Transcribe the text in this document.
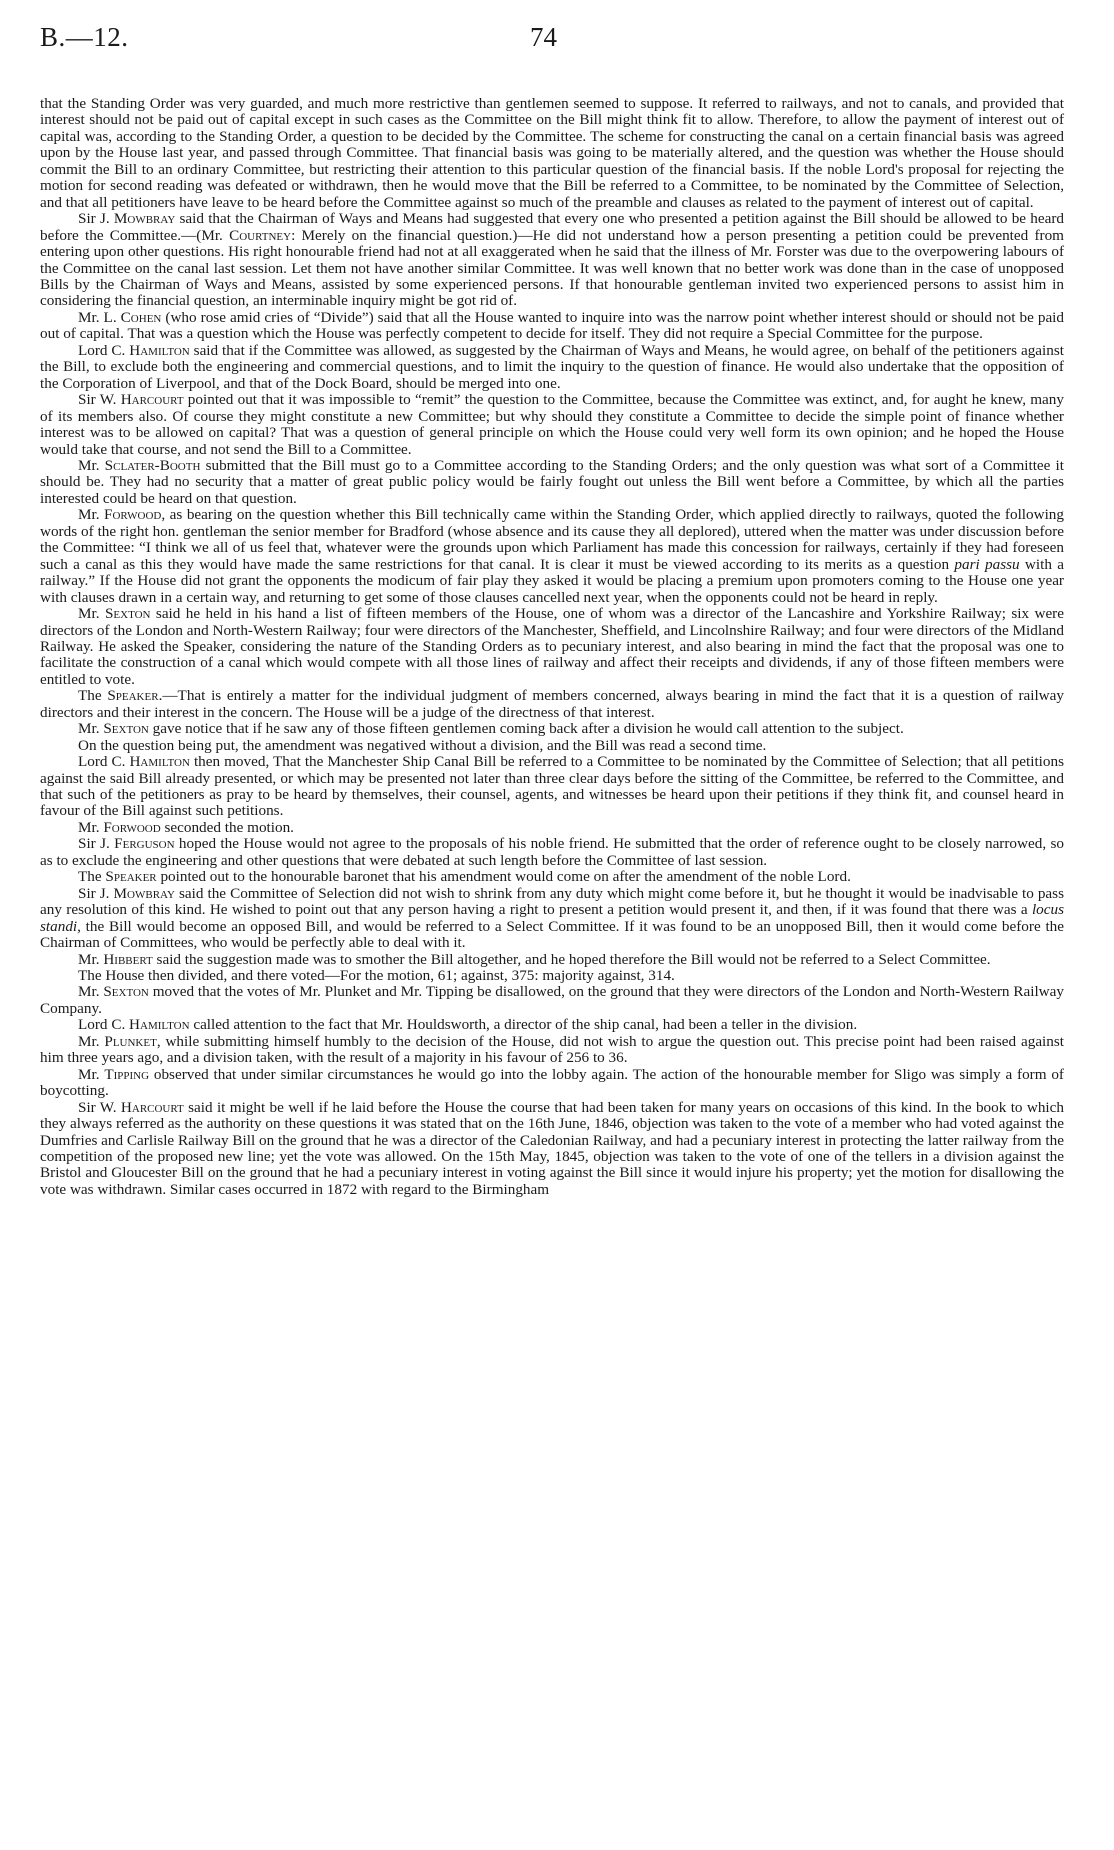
B.—12.	74

that the Standing Order was very guarded, and much more restrictive than gentlemen seemed to suppose. It referred to railways, and not to canals, and provided that interest should not be paid out of capital except in such cases as the Committee on the Bill might think fit to allow. Therefore, to allow the payment of interest out of capital was, according to the Standing Order, a question to be decided by the Committee. The scheme for constructing the canal on a certain financial basis was agreed upon by the House last year, and passed through Committee. That financial basis was going to be materially altered, and the question was whether the House should commit the Bill to an ordinary Committee, but restricting their attention to this particular question of the financial basis. If the noble Lord's proposal for rejecting the motion for second reading was defeated or withdrawn, then he would move that the Bill be referred to a Committee, to be nominated by the Committee of Selection, and that all petitioners have leave to be heard before the Committee against so much of the preamble and clauses as related to the payment of interest out of capital.

Sir J. Mowbray said that the Chairman of Ways and Means had suggested that every one who presented a petition against the Bill should be allowed to be heard before the Committee.—(Mr. Courtney: Merely on the financial question.)—He did not understand how a person presenting a petition could be prevented from entering upon other questions. His right honourable friend had not at all exaggerated when he said that the illness of Mr. Forster was due to the overpowering labours of the Committee on the canal last session. Let them not have another similar Committee. It was well known that no better work was done than in the case of unopposed Bills by the Chairman of Ways and Means, assisted by some experienced persons. If that honourable gentleman invited two experienced persons to assist him in considering the financial question, an interminable inquiry might be got rid of.

Mr. L. Cohen (who rose amid cries of “Divide”) said that all the House wanted to inquire into was the narrow point whether interest should or should not be paid out of capital. That was a question which the House was perfectly competent to decide for itself. They did not require a Special Committee for the purpose.

Lord C. Hamilton said that if the Committee was allowed, as suggested by the Chairman of Ways and Means, he would agree, on behalf of the petitioners against the Bill, to exclude both the engineering and commercial questions, and to limit the inquiry to the question of finance. He would also undertake that the opposition of the Corporation of Liverpool, and that of the Dock Board, should be merged into one.

Sir W. Harcourt pointed out that it was impossible to “remit” the question to the Committee, because the Committee was extinct, and, for aught he knew, many of its members also. Of course they might constitute a new Committee; but why should they constitute a Committee to decide the simple point of finance whether interest was to be allowed on capital? That was a question of general principle on which the House could very well form its own opinion; and he hoped the House would take that course, and not send the Bill to a Committee.

Mr. Sclater-Booth submitted that the Bill must go to a Committee according to the Standing Orders; and the only question was what sort of a Committee it should be. They had no security that a matter of great public policy would be fairly fought out unless the Bill went before a Committee, by which all the parties interested could be heard on that question.

Mr. Forwood, as bearing on the question whether this Bill technically came within the Standing Order, which applied directly to railways, quoted the following words of the right hon. gentleman the senior member for Bradford (whose absence and its cause they all deplored), uttered when the matter was under discussion before the Committee: “I think we all of us feel that, whatever were the grounds upon which Parliament has made this concession for railways, certainly if they had foreseen such a canal as this they would have made the same restrictions for that canal. It is clear it must be viewed according to its merits as a question pari passu with a railway.” If the House did not grant the opponents the modicum of fair play they asked it would be placing a premium upon promoters coming to the House one year with clauses drawn in a certain way, and returning to get some of those clauses cancelled next year, when the opponents could not be heard in reply.

Mr. Sexton said he held in his hand a list of fifteen members of the House, one of whom was a director of the Lancashire and Yorkshire Railway; six were directors of the London and North-Western Railway; four were directors of the Manchester, Sheffield, and Lincolnshire Railway; and four were directors of the Midland Railway. He asked the Speaker, considering the nature of the Standing Orders as to pecuniary interest, and also bearing in mind the fact that the proposal was one to facilitate the construction of a canal which would compete with all those lines of railway and affect their receipts and dividends, if any of those fifteen members were entitled to vote.

The Speaker.—That is entirely a matter for the individual judgment of members concerned, always bearing in mind the fact that it is a question of railway directors and their interest in the concern. The House will be a judge of the directness of that interest.

Mr. Sexton gave notice that if he saw any of those fifteen gentlemen coming back after a division he would call attention to the subject.

On the question being put, the amendment was negatived without a division, and the Bill was read a second time.

Lord C. Hamilton then moved, That the Manchester Ship Canal Bill be referred to a Committee to be nominated by the Committee of Selection; that all petitions against the said Bill already presented, or which may be presented not later than three clear days before the sitting of the Committee, be referred to the Committee, and that such of the petitioners as pray to be heard by themselves, their counsel, agents, and witnesses be heard upon their petitions if they think fit, and counsel heard in favour of the Bill against such petitions.

Mr. Forwood seconded the motion.

Sir J. Ferguson hoped the House would not agree to the proposals of his noble friend. He submitted that the order of reference ought to be closely narrowed, so as to exclude the engineering and other questions that were debated at such length before the Committee of last session.

The Speaker pointed out to the honourable baronet that his amendment would come on after the amendment of the noble Lord.

Sir J. Mowbray said the Committee of Selection did not wish to shrink from any duty which might come before it, but he thought it would be inadvisable to pass any resolution of this kind. He wished to point out that any person having a right to present a petition would present it, and then, if it was found that there was a locus standi, the Bill would become an opposed Bill, and would be referred to a Select Committee. If it was found to be an unopposed Bill, then it would come before the Chairman of Committees, who would be perfectly able to deal with it.

Mr. Hibbert said the suggestion made was to smother the Bill altogether, and he hoped therefore the Bill would not be referred to a Select Committee.

The House then divided, and there voted—For the motion, 61; against, 375: majority against, 314.

Mr. Sexton moved that the votes of Mr. Plunket and Mr. Tipping be disallowed, on the ground that they were directors of the London and North-Western Railway Company.

Lord C. Hamilton called attention to the fact that Mr. Houldsworth, a director of the ship canal, had been a teller in the division.

Mr. Plunket, while submitting himself humbly to the decision of the House, did not wish to argue the question out. This precise point had been raised against him three years ago, and a division taken, with the result of a majority in his favour of 256 to 36.

Mr. Tipping observed that under similar circumstances he would go into the lobby again. The action of the honourable member for Sligo was simply a form of boycotting.

Sir W. Harcourt said it might be well if he laid before the House the course that had been taken for many years on occasions of this kind. In the book to which they always referred as the authority on these questions it was stated that on the 16th June, 1846, objection was taken to the vote of a member who had voted against the Dumfries and Carlisle Railway Bill on the ground that he was a director of the Caledonian Railway, and had a pecuniary interest in protecting the latter railway from the competition of the proposed new line; yet the vote was allowed. On the 15th May, 1845, objection was taken to the vote of one of the tellers in a division against the Bristol and Gloucester Bill on the ground that he had a pecuniary interest in voting against the Bill since it would injure his property; yet the motion for disallowing the vote was withdrawn. Similar cases occurred in 1872 with regard to the Birmingham
